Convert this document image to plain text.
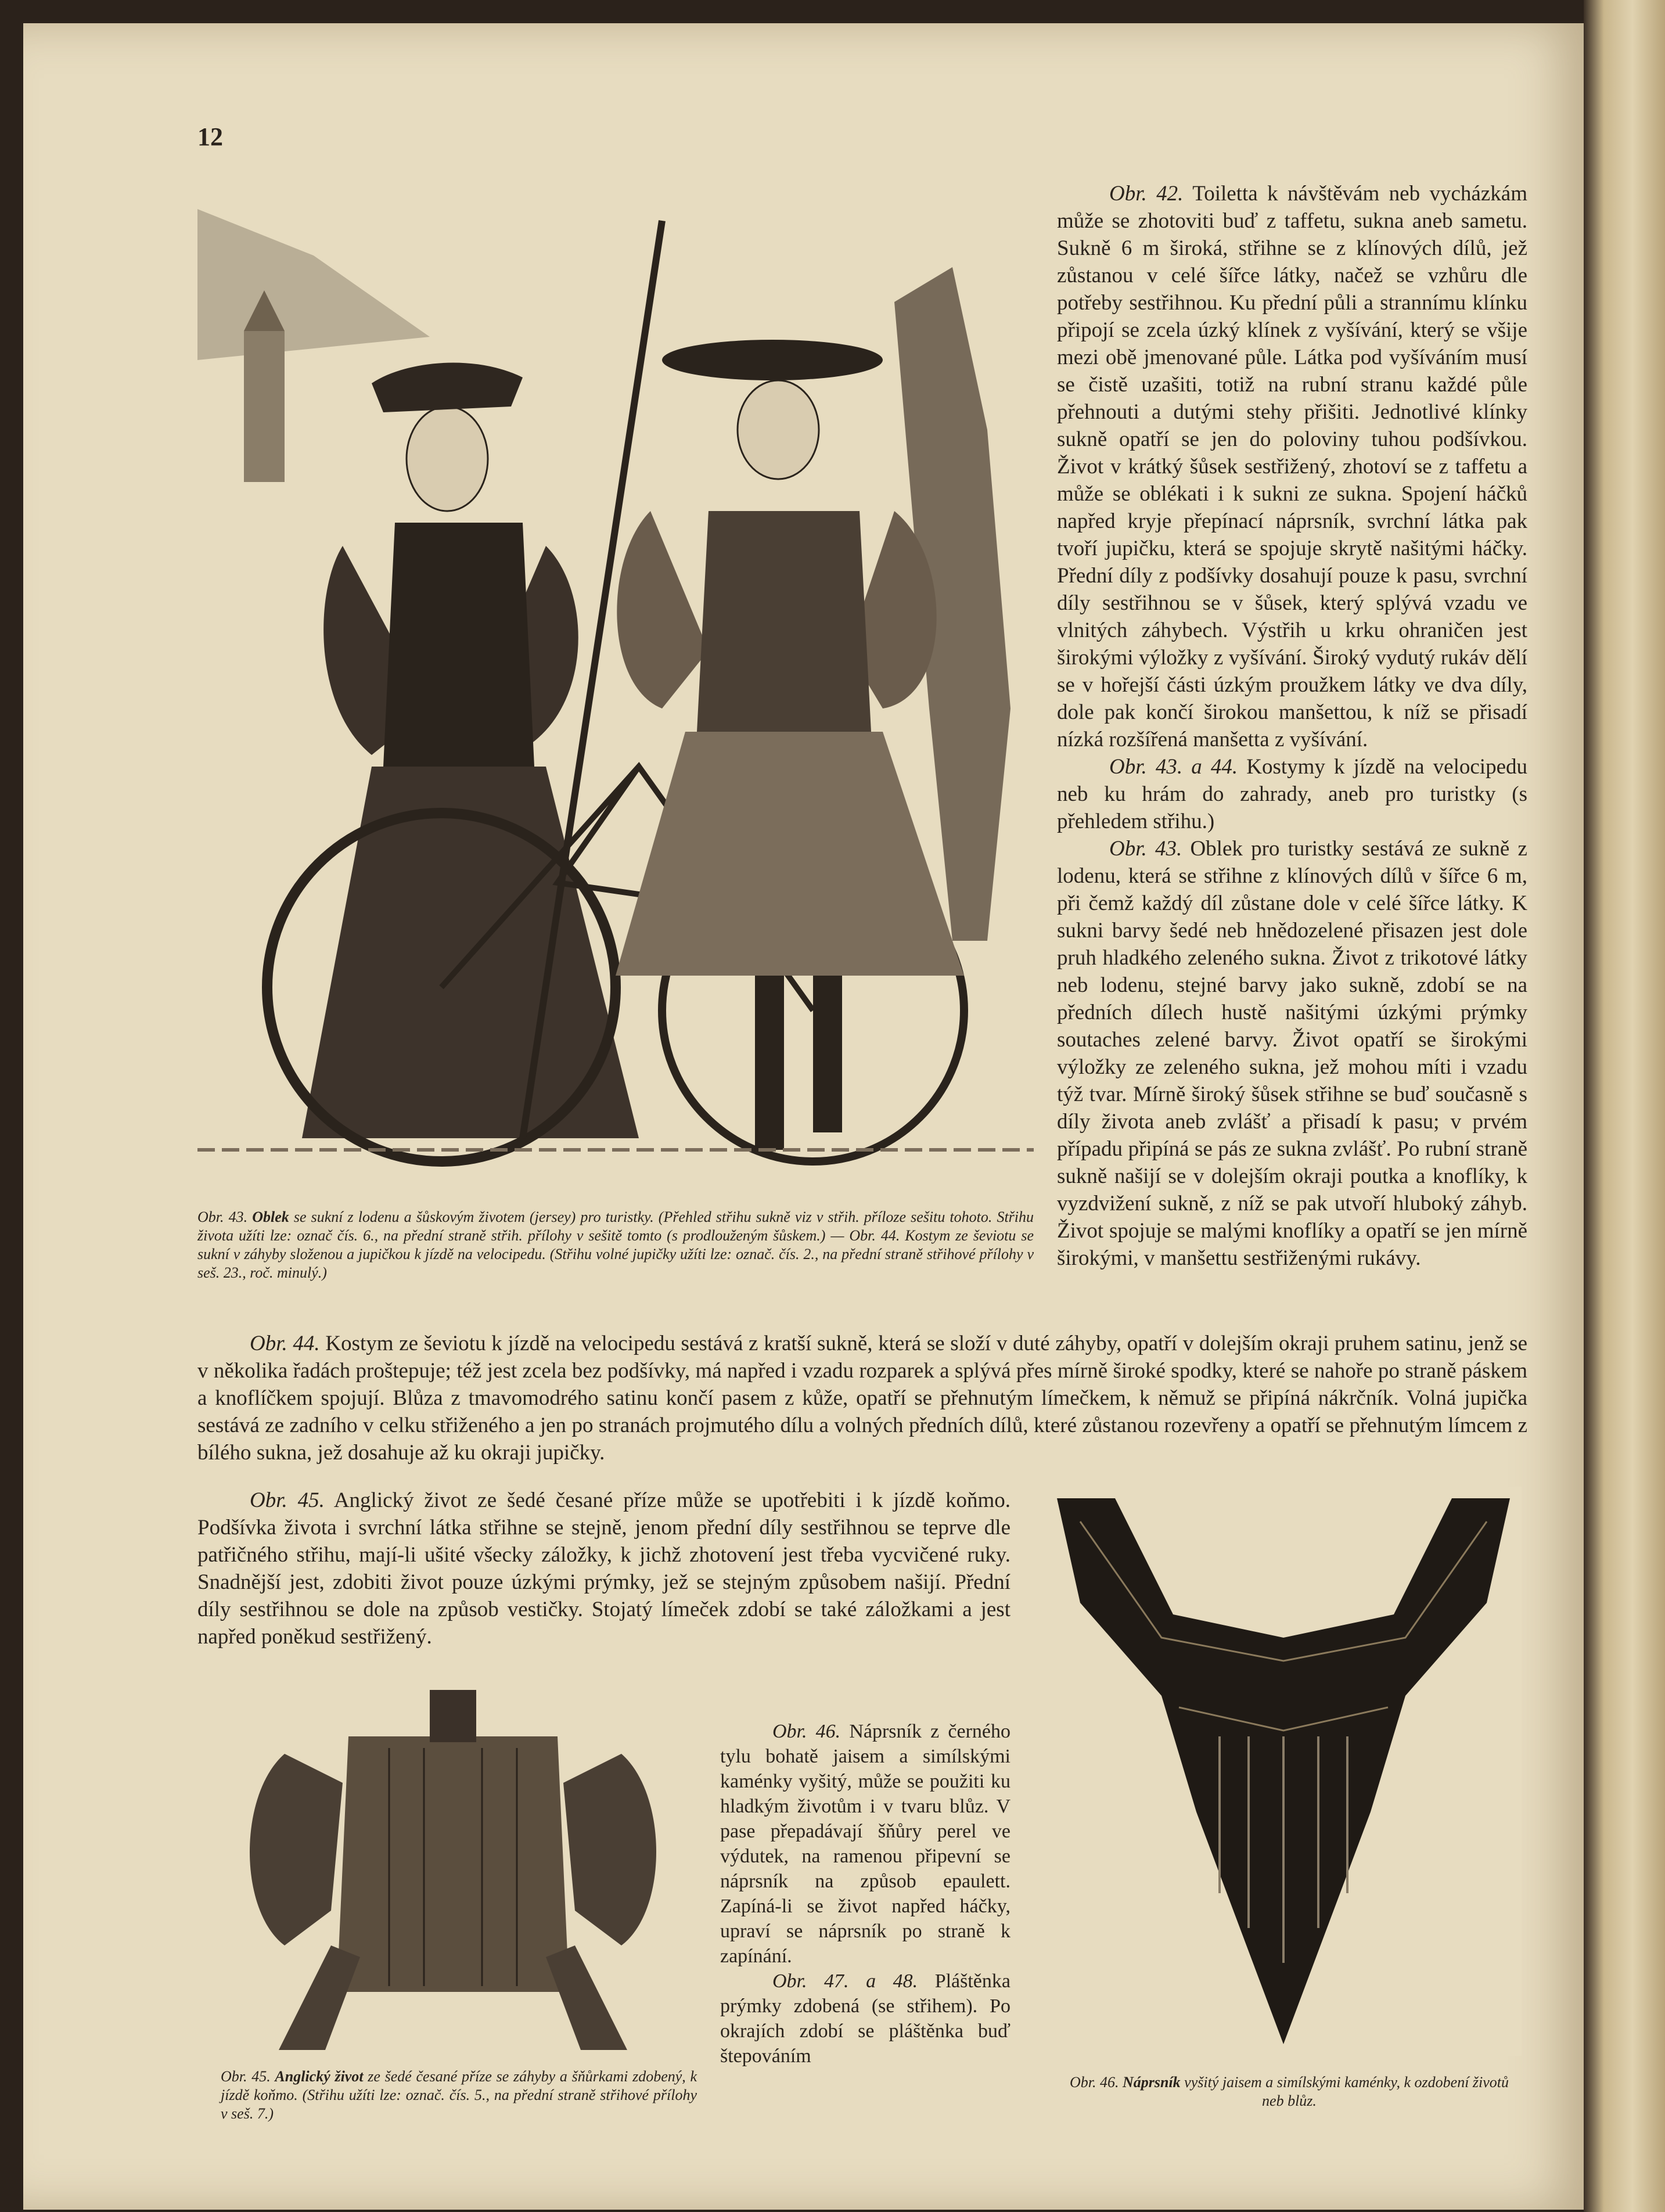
12
Obr. 43. Oblek se sukní z lodenu a šůskovým životem (jersey) pro turistky. (Přehled střihu sukně viz v střih. příloze sešitu tohoto. Střihu života užíti lze: označ čís. 6., na přední straně střih. přílohy v sešitě tomto (s prodlouženým šůskem.) — Obr. 44. Kostym ze ševiotu se sukní v záhyby složenou a jupičkou k jízdě na velocipedu. (Střihu volné jupičky užíti lze: označ. čís. 2., na přední straně střihové přílohy v seš. 23., roč. minulý.)

Obr. 42. Toiletta k návštěvám neb vycházkám může se zhotoviti buď z taffetu, sukna aneb sametu. Sukně 6 m široká, střihne se z klínových dílů, jež zůstanou v celé šířce látky, načež se vzhůru dle potřeby sestřihnou. Ku přední půli a strannímu klínku připojí se zcela úzký klínek z vyšívání, který se všije mezi obě jmenované půle. Látka pod vyšíváním musí se čistě uzašiti, totiž na rubní stranu každé půle přehnouti a dutými stehy přišiti. Jednotlivé klínky sukně opatří se jen do poloviny tuhou podšívkou. Život v krátký šůsek sestřižený, zhotoví se z taffetu a může se oblékati i k sukni ze sukna. Spojení háčků napřed kryje přepínací náprsník, svrchní látka pak tvoří jupičku, která se spojuje skrytě našitými háčky. Přední díly z podšívky dosahují pouze k pasu, svrchní díly sestřihnou se v šůsek, který splývá vzadu ve vlnitých záhybech. Výstřih u krku ohraničen jest širokými výložky z vyšívání. Široký vydutý rukáv dělí se v hořejší části úzkým proužkem látky ve dva díly, dole pak končí širokou manšettou, k níž se přisadí nízká rozšířená manšetta z vyšívání.

Obr. 43. a 44. Kostymy k jízdě na velocipedu neb ku hrám do zahrady, aneb pro turistky (s přehledem střihu.)

Obr. 43. Oblek pro turistky sestává ze sukně z lodenu, která se střihne z klínových dílů v šířce 6 m, při čemž každý díl zůstane dole v celé šířce látky. K sukni barvy šedé neb hnědozelené přisazen jest dole pruh hladkého zeleného sukna. Život z trikotové látky neb lodenu, stejné barvy jako sukně, zdobí se na předních dílech hustě našitými úzkými prýmky soutaches zelené barvy. Život opatří se širokými výložky ze zeleného sukna, jež mohou míti i vzadu týž tvar. Mírně široký šůsek střihne se buď současně s díly života aneb zvlášť a přisadí k pasu; v prvém případu připíná se pás ze sukna zvlášť. Po rubní straně sukně našijí se v dolejším okraji poutka a knoflíky, k vyzdvižení sukně, z níž se pak utvoří hluboký záhyb. Život spojuje se malými knoflíky a opatří se jen mírně širokými, v manšettu sestřiženými rukávy.

Obr. 44. Kostym ze ševiotu k jízdě na velocipedu sestává z kratší sukně, která se složí v duté záhyby, opatří v dolejším okraji pruhem satinu, jenž se v několika řadách proštepuje; též jest zcela bez podšívky, má napřed i vzadu rozparek a splývá přes mírně široké spodky, které se nahoře po straně páskem a knoflíčkem spojují. Blůza z tmavomodrého satinu končí pasem z kůže, opatří se přehnutým límečkem, k němuž se připíná nákrčník. Volná jupička sestává ze zadního v celku střiženého a jen po stranách projmutého dílu a volných předních dílů, které zůstanou rozevřeny a opatří se přehnutým límcem z bílého sukna, jež dosahuje až ku okraji jupičky.

Obr. 45. Anglický život ze šedé česané příze může se upotřebiti i k jízdě koňmo. Podšívka života i svrchní látka střihne se stejně, jenom přední díly sestřihnou se teprve dle patřičného střihu, mají-li ušité všecky záložky, k jichž zhotovení jest třeba vycvičené ruky. Snadnější jest, zdobiti život pouze úzkými prýmky, jež se stejným způsobem našijí. Přední díly sestřihnou se dole na způsob vestičky. Stojatý límeček zdobí se také záložkami a jest napřed poněkud sestřižený.

Obr. 46. Náprsník z černého tylu bohatě jaisem a simílskými kaménky vyšitý, může se použiti ku hladkým životům i v tvaru blůz. V pase přepadávají šňůry perel ve výdutek, na ramenou připevní se náprsník na způsob epaulett. Zapíná-li se život napřed háčky, upraví se náprsník po straně k zapínání.

Obr. 47. a 48. Pláštěnka prýmky zdobená (se střihem). Po okrajích zdobí se pláštěnka buď štepováním

Obr. 45. Anglický život ze šedé česané příze se záhyby a šňůrkami zdobený, k jízdě koňmo. (Střihu užíti lze: označ. čís. 5., na přední straně střihové přílohy v seš. 7.)
Obr. 46. Náprsník vyšitý jaisem a simílskými kaménky, k ozdobení životů neb blůz.
